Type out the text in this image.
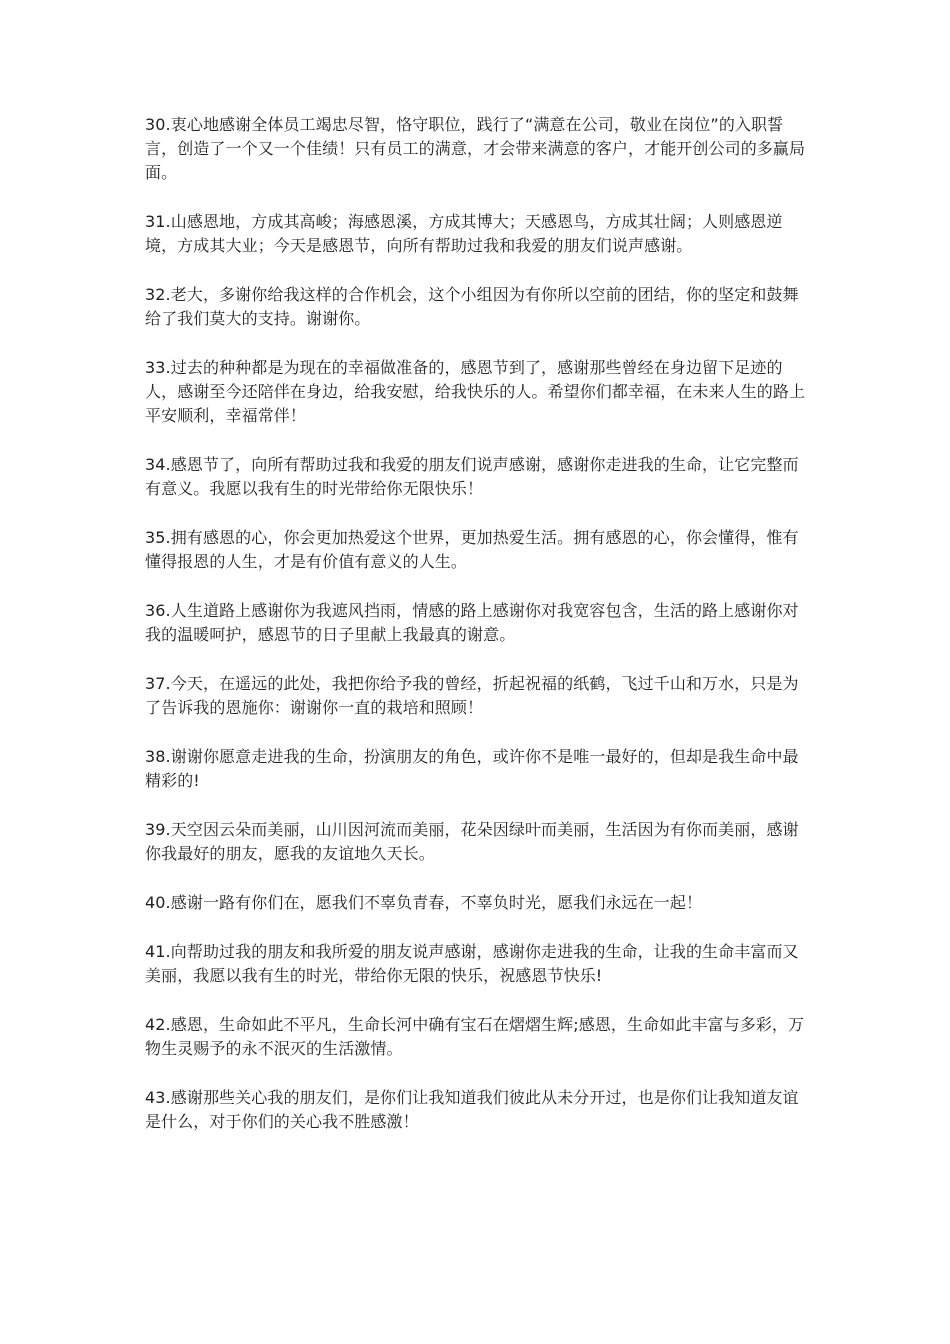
30.衷心地感谢全体员工竭忠尽智，恪守职位，践行了“满意在公司，敬业在岗位”的入职誓言，创造了一个又一个佳绩！只有员工的满意，才会带来满意的客户，才能开创公司的多赢局面。

31.山感恩地，方成其高峻；海感恩溪，方成其博大；天感恩鸟，方成其壮阔；人则感恩逆境，方成其大业；今天是感恩节，向所有帮助过我和我爱的朋友们说声感谢。

32.老大，多谢你给我这样的合作机会，这个小组因为有你所以空前的团结，你的坚定和鼓舞给了我们莫大的支持。谢谢你。

33.过去的种种都是为现在的幸福做准备的，感恩节到了，感谢那些曾经在身边留下足迹的人，感谢至今还陪伴在身边，给我安慰，给我快乐的人。希望你们都幸福，在未来人生的路上平安顺利，幸福常伴！

34.感恩节了，向所有帮助过我和我爱的朋友们说声感谢，感谢你走进我的生命，让它完整而有意义。我愿以我有生的时光带给你无限快乐！

35.拥有感恩的心，你会更加热爱这个世界，更加热爱生活。拥有感恩的心，你会懂得，惟有懂得报恩的人生，才是有价值有意义的人生。

36.人生道路上感谢你为我遮风挡雨，情感的路上感谢你对我宽容包含，生活的路上感谢你对我的温暖呵护，感恩节的日子里献上我最真的谢意。

37.今天，在遥远的此处，我把你给予我的曾经，折起祝福的纸鹤，飞过千山和万水，只是为了告诉我的恩施你：谢谢你一直的栽培和照顾！

38.谢谢你愿意走进我的生命，扮演朋友的角色，或许你不是唯一最好的，但却是我生命中最精彩的!

39.天空因云朵而美丽，山川因河流而美丽，花朵因绿叶而美丽，生活因为有你而美丽，感谢你我最好的朋友，愿我的友谊地久天长。

40.感谢一路有你们在，愿我们不辜负青春，不辜负时光，愿我们永远在一起！

41.向帮助过我的朋友和我所爱的朋友说声感谢，感谢你走进我的生命，让我的生命丰富而又美丽，我愿以我有生的时光，带给你无限的快乐，祝感恩节快乐!

42.感恩，生命如此不平凡，生命长河中确有宝石在熠熠生辉;感恩，生命如此丰富与多彩，万物生灵赐予的永不泯灭的生活激情。

43.感谢那些关心我的朋友们，是你们让我知道我们彼此从未分开过，也是你们让我知道友谊是什么，对于你们的关心我不胜感激！
